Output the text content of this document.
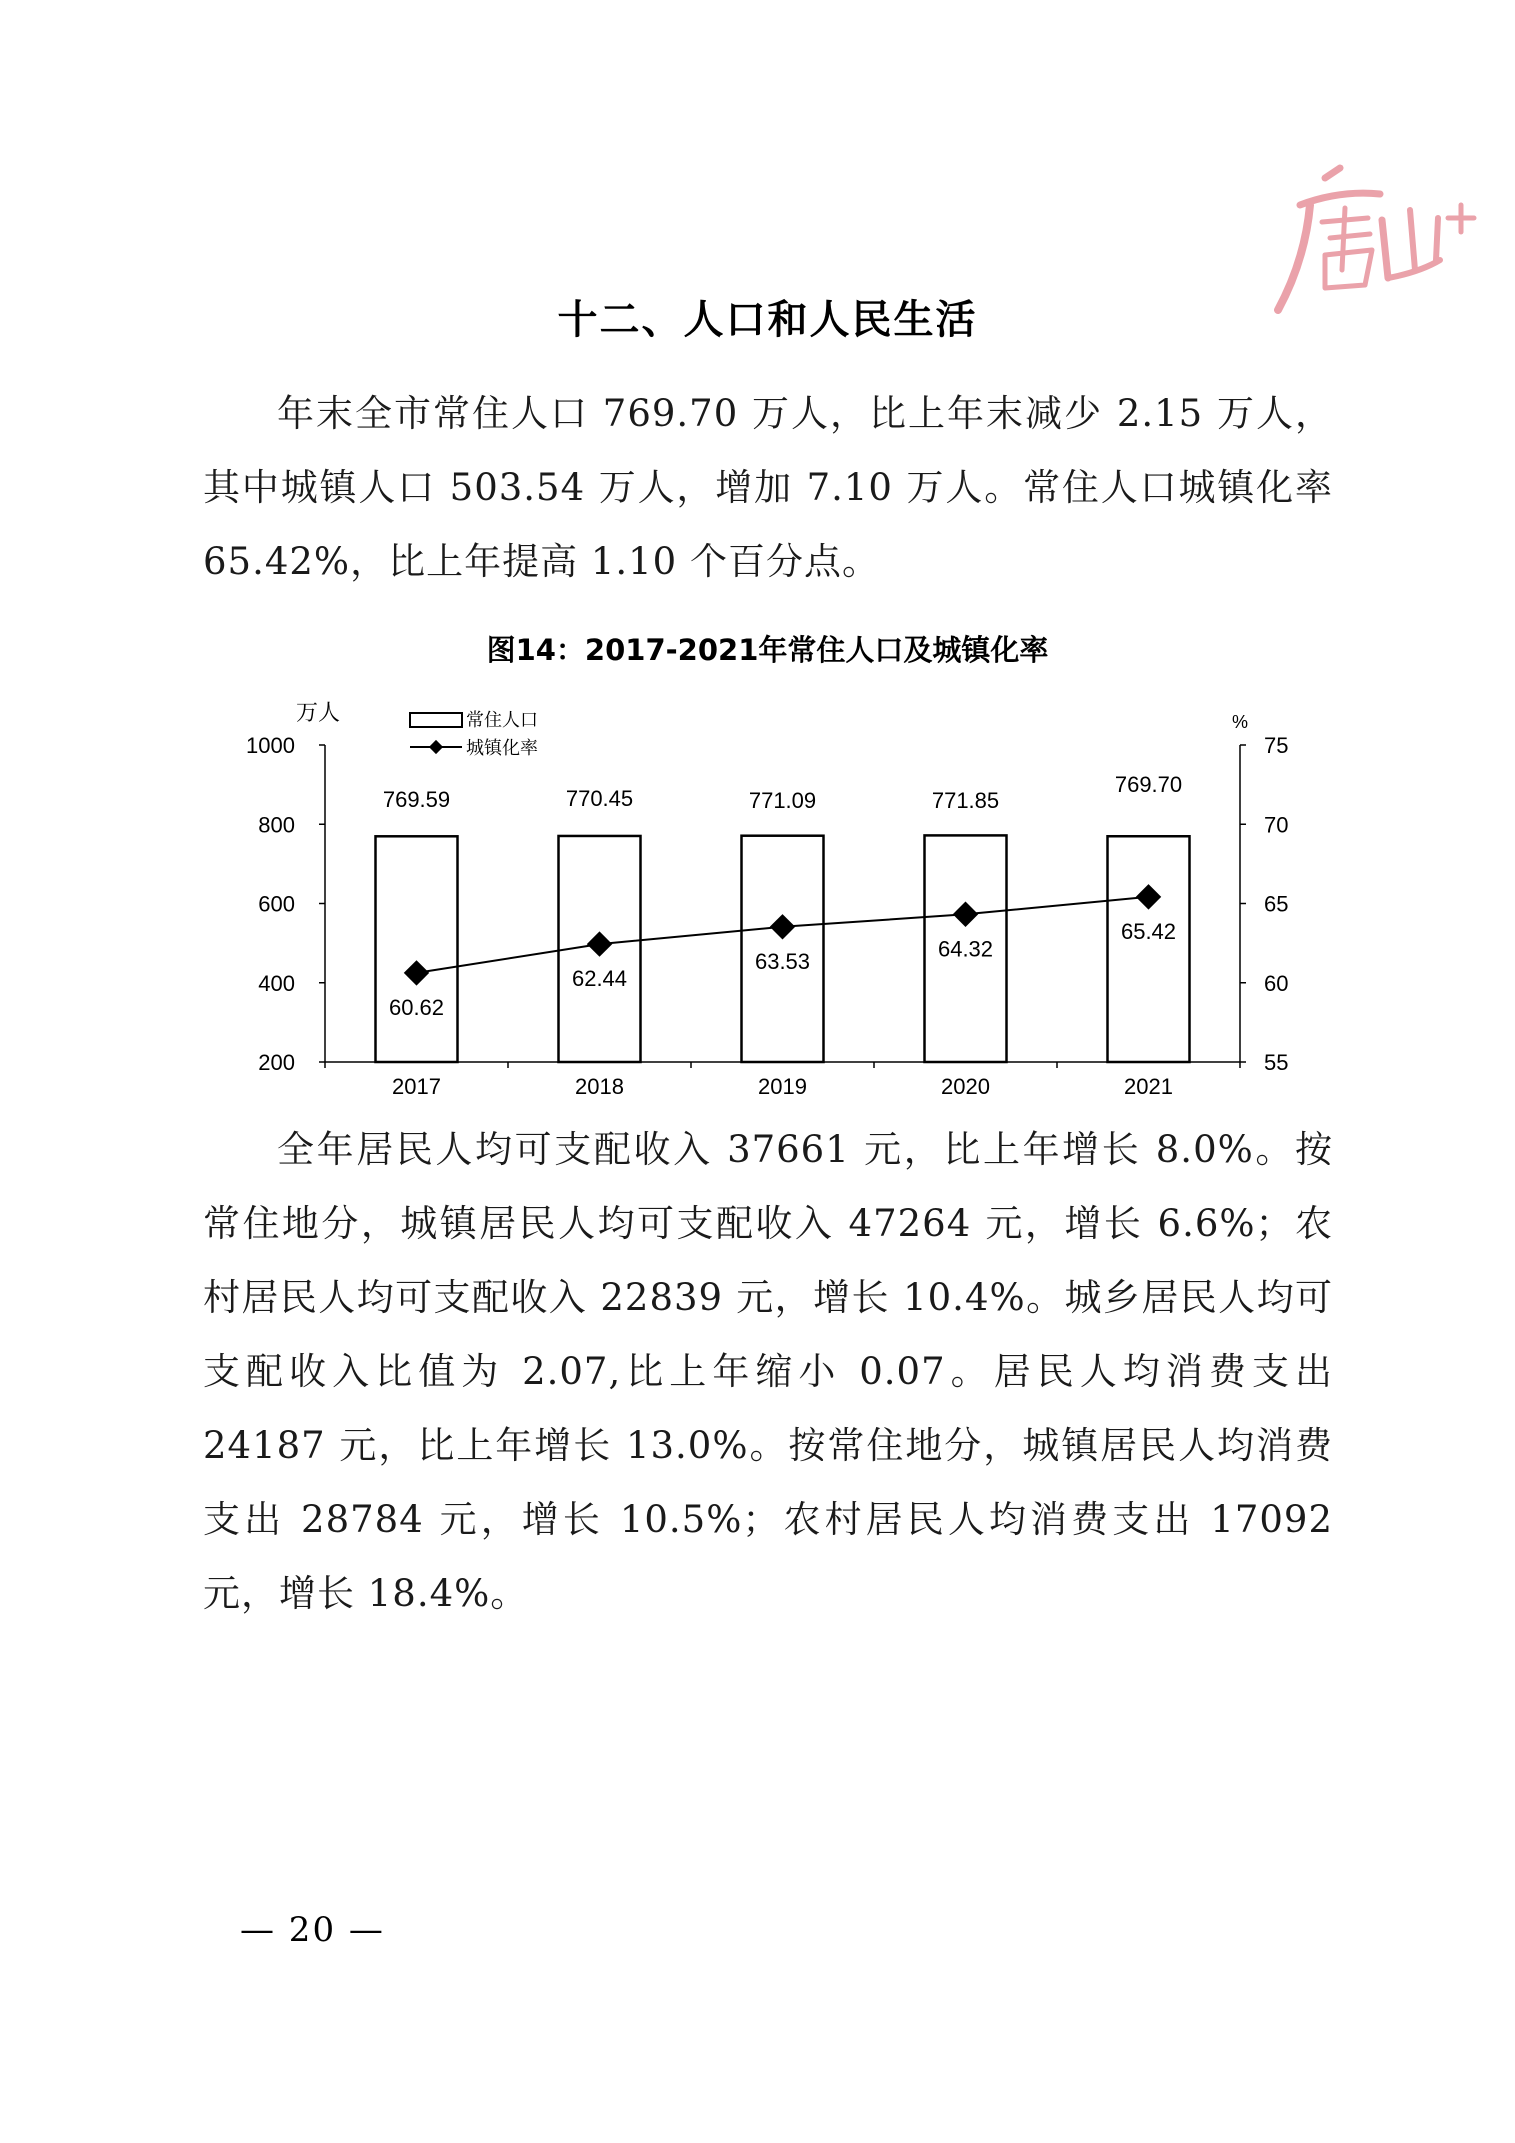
十二、人口和人民生活

年末全市常住人口 769.70 万人，比上年末减少 2.15 万人，其中城镇人口 503.54 万人，增加 7.10 万人。常住人口城镇化率 65.42%，比上年提高 1.10 个百分点。

图14：2017-2021年常住人口及城镇化率
1000
800
600
400
200
75
70
65
60
55
万人	%
常住人口
城镇化率
769.59	770.45	771.09	771.85
769.70
60.62
62.44
63.53
64.32
65.42
2017	2018	2019	2020	2021

全年居民人均可支配收入 37661 元，比上年增长 8.0%。按常住地分，城镇居民人均可支配收入 47264 元，增长 6.6%；农村居民人均可支配收入 22839 元，增长 10.4%。城乡居民人均可支配收入比值为 2.07,比上年缩小 0.07。居民人均消费支出 24187 元，比上年增长 13.0%。按常住地分，城镇居民人均消费支出 28784 元，增长 10.5%；农村居民人均消费支出 17092 元，增长 18.4%。

— 20 —
